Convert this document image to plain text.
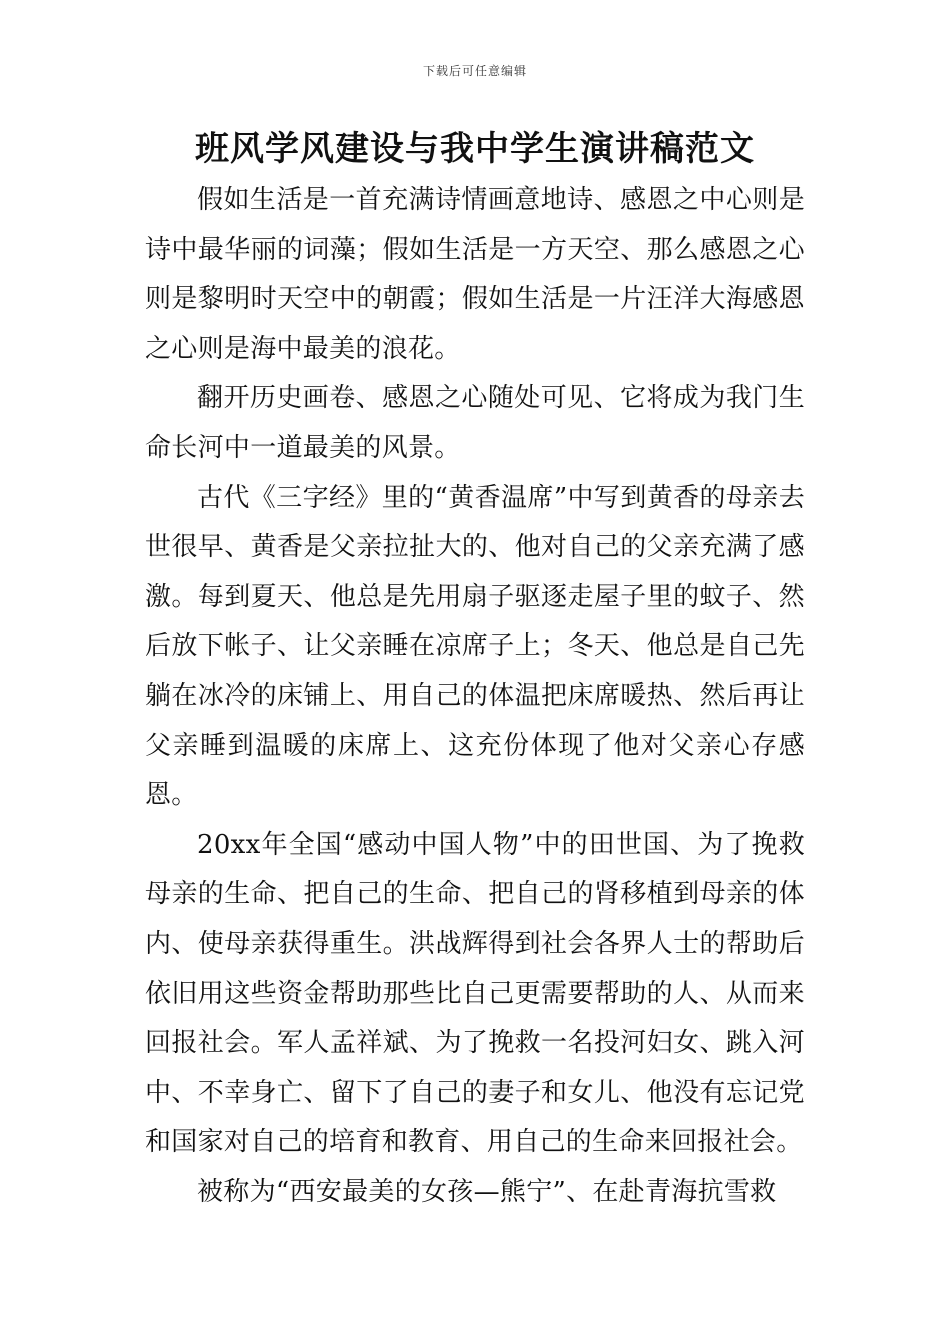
下载后可任意编辑
班风学风建设与我中学生演讲稿范文

假如生活是一首充满诗情画意地诗、感恩之中心则是诗中最华丽的词藻；假如生活是一方天空、那么感恩之心则是黎明时天空中的朝霞；假如生活是一片汪洋大海感恩之心则是海中最美的浪花。

翻开历史画卷、感恩之心随处可见、它将成为我门生命长河中一道最美的风景。

古代《三字经》里的“黄香温席”中写到黄香的母亲去世很早、黄香是父亲拉扯大的、他对自己的父亲充满了感激。每到夏天、他总是先用扇子驱逐走屋子里的蚊子、然后放下帐子、让父亲睡在凉席子上；冬天、他总是自己先躺在冰冷的床铺上、用自己的体温把床席暖热、然后再让父亲睡到温暖的床席上、这充份体现了他对父亲心存感恩。

20xx年全国“感动中国人物”中的田世国、为了挽救母亲的生命、把自己的生命、把自己的肾移植到母亲的体内、使母亲获得重生。洪战辉得到社会各界人士的帮助后依旧用这些资金帮助那些比自己更需要帮助的人、从而来回报社会。军人孟祥斌、为了挽救一名投河妇女、跳入河中、不幸身亡、留下了自己的妻子和女儿、他没有忘记党和国家对自己的培育和教育、用自己的生命来回报社会。

被称为“西安最美的女孩—熊宁”、在赴青海抗雪救
